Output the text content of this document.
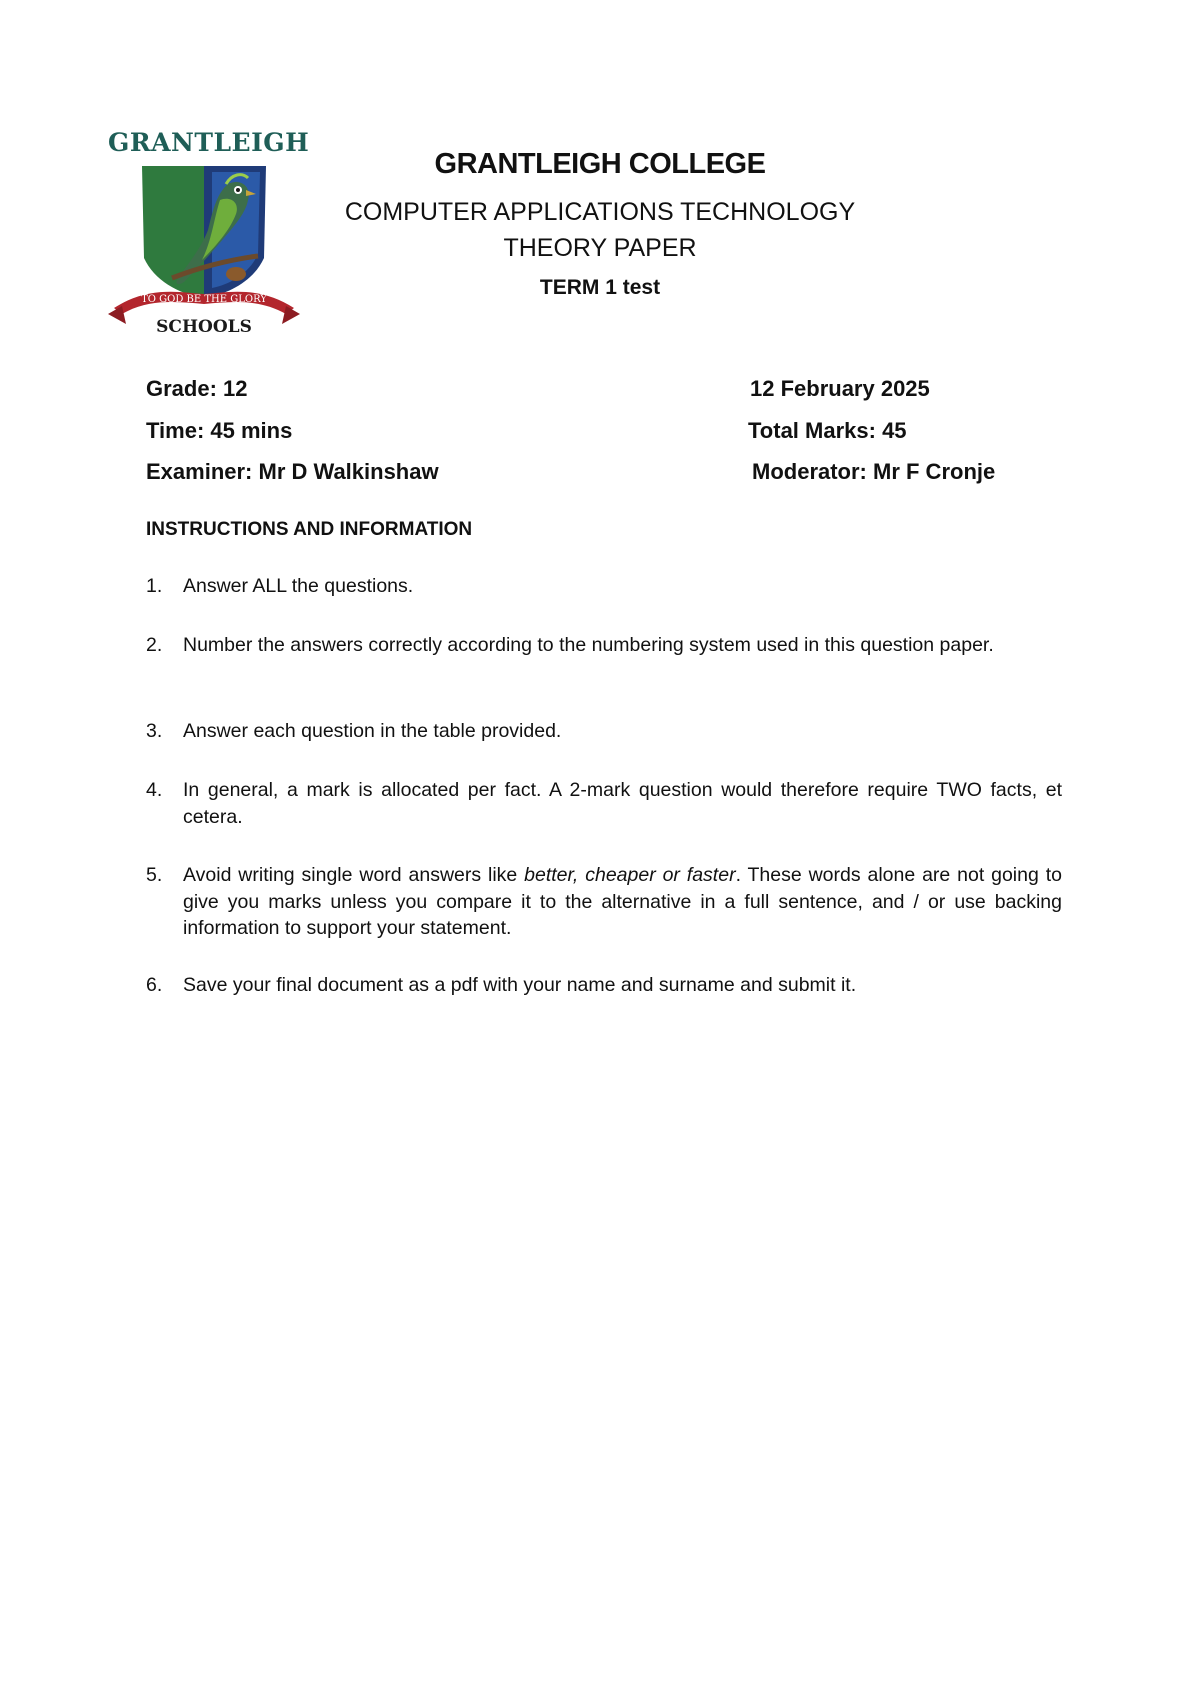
GRANTLEIGH
TO GOD BE THE GLORY
SCHOOLS
GRANTLEIGH COLLEGE
COMPUTER APPLICATIONS TECHNOLOGY
THEORY PAPER
TERM 1 test
Grade: 12	12 February 2025
Time: 45 mins	Total Marks: 45
Examiner: Mr D Walkinshaw	Moderator: Mr F Cronje
INSTRUCTIONS AND INFORMATION
1.	Answer ALL the questions.
2.	Number the answers correctly according to the numbering system used in this question paper.
3.	Answer each question in the table provided.
4.	In general, a mark is allocated per fact. A 2-mark question would therefore require TWO facts, et cetera.
5.	Avoid writing single word answers like better, cheaper or faster. These words alone are not going to give you marks unless you compare it to the alternative in a full sentence, and / or use backing information to support your statement.
6.	Save your final document as a pdf with your name and surname and submit it.
